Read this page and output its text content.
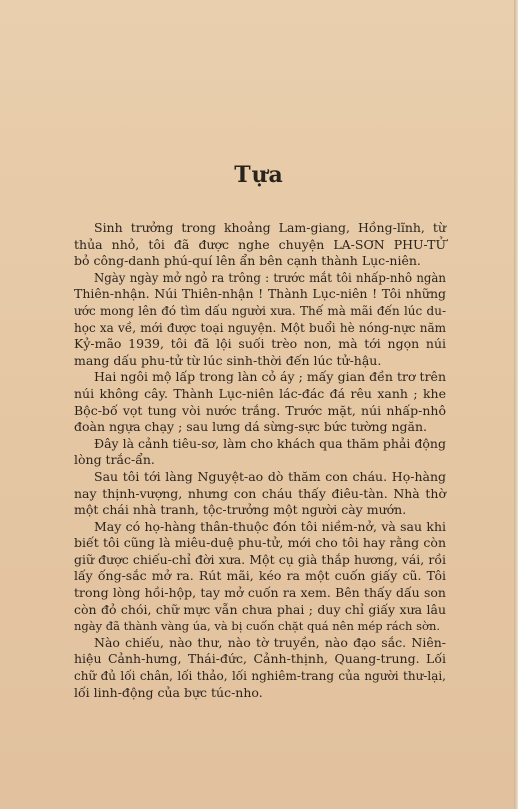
Tựa

Sinh trưởng trong khoảng Lam-giang, Hồng-lĩnh, từ
thủa nhỏ, tôi đã được nghe chuyện LA-SƠN PHU-TỬ
bỏ công-danh phú-quí lên ẩn bên cạnh thành Lục-niên.

Ngày ngày mở ngỏ ra trông : trước mắt tôi nhấp-nhô ngàn
Thiên-nhận. Núi Thiên-nhận ! Thành Lục-niên ! Tôi những
ước mong lên đó tìm dấu người xưa. Thế mà mãi đến lúc du-
học xa về, mới được toại nguyện. Một buổi hè nóng-nực năm
Kỷ-mão 1939, tôi đã lội suối trèo non, mà tới ngọn núi
mang dấu phu-tử từ lúc sinh-thời đến lúc tử-hậu.

Hai ngôi mộ lấp trong làn cỏ áy ; mấy gian đền trơ trên
núi không cây. Thành Lục-niên lác-đác đá rêu xanh ; khe
Bộc-bố vọt tung vòi nước trắng. Trước mặt, núi nhấp-nhô
đoàn ngựa chạy ; sau lưng dá sừng-sực bức tường ngăn.

Đây là cảnh tiêu-sơ, làm cho khách qua thăm phải động
lòng trắc-ẩn.

Sau tôi tới làng Nguyệt-ao dò thăm con cháu. Họ-hàng
nay thịnh-vượng, nhưng con cháu thấy điêu-tàn. Nhà thờ
một chái nhà tranh, tộc-trưởng một người cày mướn.

May có họ-hàng thân-thuộc đón tôi niềm-nở, và sau khi
biết tôi cũng là miêu-duệ phu-tử, mới cho tôi hay rằng còn
giữ được chiếu-chỉ đời xưa. Một cụ già thắp hương, vái, rồi
lấy ống-sắc mở ra. Rút mãi, kéo ra một cuốn giấy cũ. Tôi
trong lòng hồi-hộp, tay mở cuốn ra xem. Bên thấy dấu son
còn đỏ chói, chữ mực vẫn chưa phai ; duy chỉ giấy xưa lâu
ngày đã thành vàng úa, và bị cuốn chặt quá nên mép rách sờn.

Nào chiếu, nào thư, nào tờ truyền, nào đạo sắc. Niên-
hiệu Cảnh-hưng, Thái-đức, Cảnh-thịnh, Quang-trung. Lối
chữ đủ lối chân, lối thảo, lối nghiêm-trang của người thư-lại,
lối linh-động của bực túc-nho.
